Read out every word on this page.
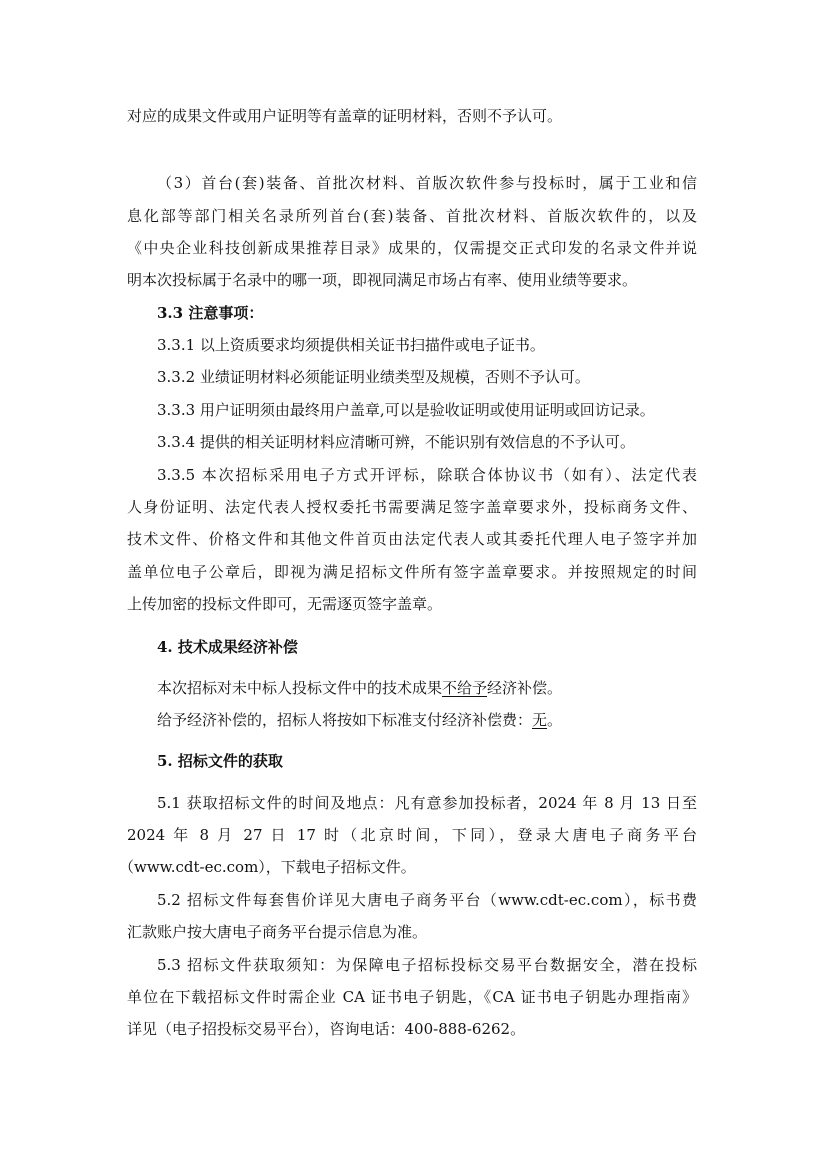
对应的成果文件或用户证明等有盖章的证明材料，否则不予认可。

（3）首台(套)装备、首批次材料、首版次软件参与投标时，属于工业和信

息化部等部门相关名录所列首台(套)装备、首批次材料、首版次软件的，以及

《中央企业科技创新成果推荐目录》成果的，仅需提交正式印发的名录文件并说

明本次投标属于名录中的哪一项，即视同满足市场占有率、使用业绩等要求。

3.3 注意事项：

3.3.1 以上资质要求均须提供相关证书扫描件或电子证书。

3.3.2 业绩证明材料必须能证明业绩类型及规模，否则不予认可。

3.3.3 用户证明须由最终用户盖章,可以是验收证明或使用证明或回访记录。

3.3.4 提供的相关证明材料应清晰可辨，不能识别有效信息的不予认可。

3.3.5 本次招标采用电子方式开评标，除联合体协议书（如有）、法定代表

人身份证明、法定代表人授权委托书需要满足签字盖章要求外，投标商务文件、

技术文件、价格文件和其他文件首页由法定代表人或其委托代理人电子签字并加

盖单位电子公章后，即视为满足招标文件所有签字盖章要求。并按照规定的时间

上传加密的投标文件即可，无需逐页签字盖章。

4. 技术成果经济补偿

本次招标对未中标人投标文件中的技术成果不给予经济补偿。

给予经济补偿的，招标人将按如下标准支付经济补偿费：无。

5. 招标文件的获取

5.1 获取招标文件的时间及地点：凡有意参加投标者，2024 年 8 月 13 日至

2024 年 8 月 27 日 17 时（北京时间，下同），登录大唐电子商务平台

（www.cdt-ec.com），下载电子招标文件。

5.2 招标文件每套售价详见大唐电子商务平台（www.cdt-ec.com），标书费

汇款账户按大唐电子商务平台提示信息为准。

5.3 招标文件获取须知：为保障电子招标投标交易平台数据安全，潜在投标

单位在下载招标文件时需企业 CA 证书电子钥匙，《CA 证书电子钥匙办理指南》

详见（电子招投标交易平台），咨询电话：400-888-6262。
